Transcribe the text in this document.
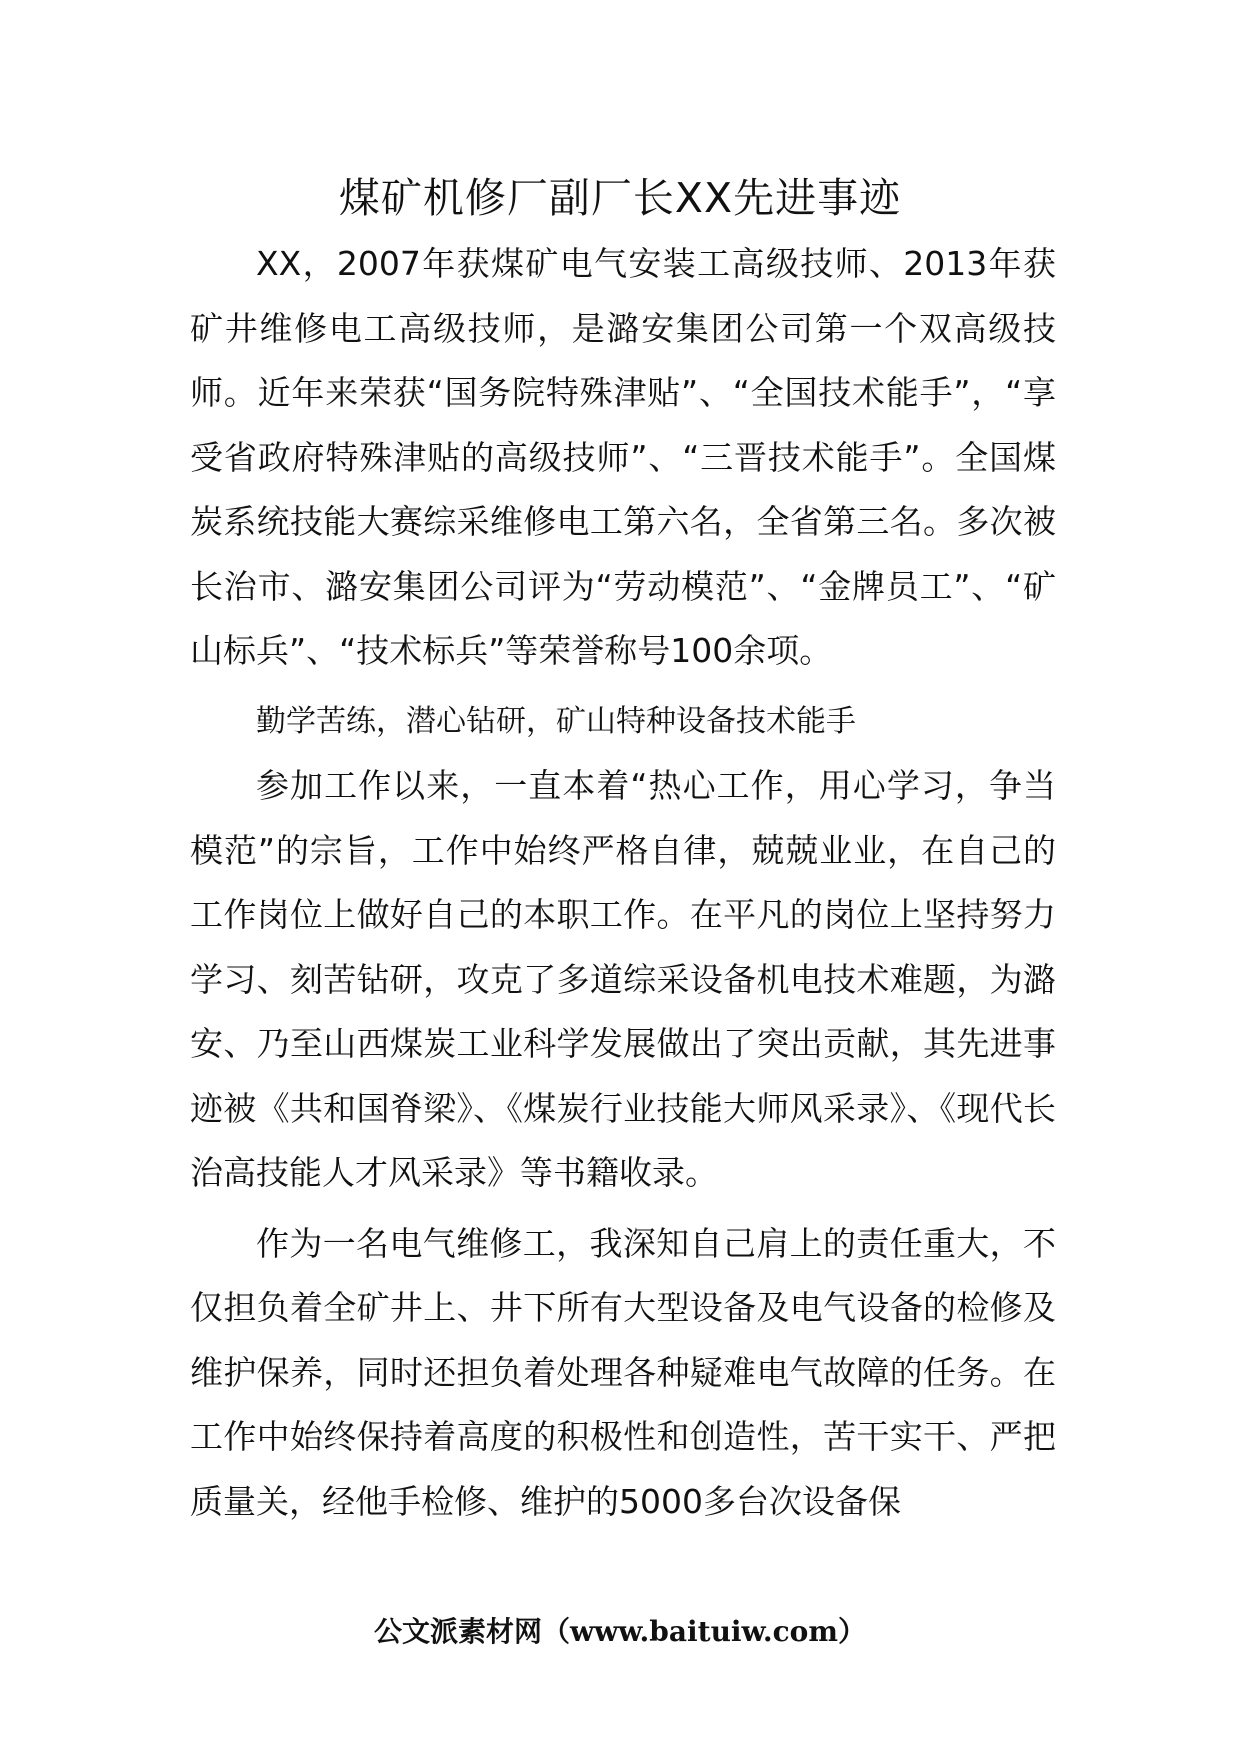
煤矿机修厂副厂长XX先进事迹

XX，2007年获煤矿电气安装工高级技师、2013年获矿井维修电工高级技师，是潞安集团公司第一个双高级技师。近年来荣获“国务院特殊津贴”、“全国技术能手”，“享受省政府特殊津贴的高级技师”、“三晋技术能手”。全国煤炭系统技能大赛综采维修电工第六名，全省第三名。多次被长治市、潞安集团公司评为“劳动模范”、“金牌员工”、“矿山标兵”、“技术标兵”等荣誉称号100余项。

勤学苦练，潜心钻研，矿山特种设备技术能手

参加工作以来，一直本着“热心工作，用心学习，争当模范”的宗旨，工作中始终严格自律，兢兢业业，在自己的工作岗位上做好自己的本职工作。在平凡的岗位上坚持努力学习、刻苦钻研，攻克了多道综采设备机电技术难题，为潞安、乃至山西煤炭工业科学发展做出了突出贡献，其先进事迹被《共和国脊梁》、《煤炭行业技能大师风采录》、《现代长治高技能人才风采录》等书籍收录。

作为一名电气维修工，我深知自己肩上的责任重大，不仅担负着全矿井上、井下所有大型设备及电气设备的检修及维护保养，同时还担负着处理各种疑难电气故障的任务。在工作中始终保持着高度的积极性和创造性，苦干实干、严把质量关，经他手检修、维护的5000多台次设备保

公文派素材网（www.baituiw.com）
